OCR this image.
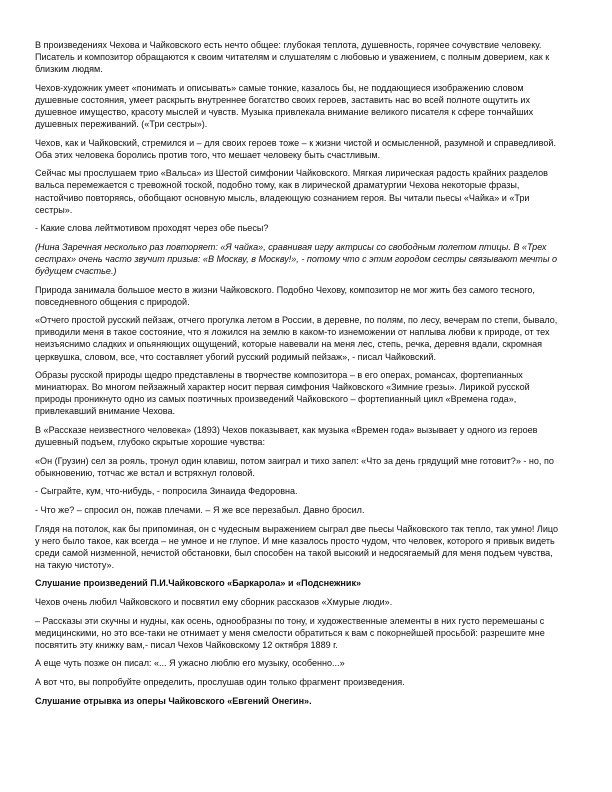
В произведениях Чехова и Чайковского есть нечто общее: глубокая теплота, душевность, горячее сочувствие человеку. Писатель и композитор обращаются к своим читателям и слушателям с любовью и уважением, с полным доверием, как к близким людям.

Чехов-художник умеет «понимать и описывать» самые тонкие, казалось бы, не поддающиеся изображению словом душевные состояния, умеет раскрыть внутреннее богатство своих героев, заставить нас во всей полноте ощутить их душевное имущество, красоту мыслей и чувств. Музыка привлекала внимание великого писателя к сфере тончайших душевных переживаний. («Три сестры»).

Чехов, как и Чайковский, стремился и – для своих героев тоже – к жизни чистой и осмысленной, разумной и справедливой. Оба этих человека боролись против того, что мешает человеку быть счастливым.

Сейчас мы прослушаем трио «Вальса» из Шестой симфонии Чайковского. Мягкая лирическая радость крайних разделов вальса перемежается с тревожной тоской, подобно тому, как в лирической драматургии Чехова некоторые фразы, настойчиво повторяясь, обобщают основную мысль, владеющую сознанием героя. Вы читали пьесы «Чайка» и «Три сестры».

- Какие слова лейтмотивом проходят через обе пьесы?

(Нина Заречная несколько раз повторяет: «Я чайка», сравнивая игру актрисы со свободным полетом птицы. В «Трех сестрах» очень часто звучит призыв: «В Москву, в Москву!», - потому что с этим городом сестры связывают мечты о будущем счастье.)

Природа занимала большое место в жизни Чайковского. Подобно Чехову, композитор не мог жить без самого тесного, повседневного общения с природой.

«Отчего простой русский пейзаж, отчего прогулка летом в России, в деревне, по полям, по лесу, вечерам по степи, бывало, приводили меня в такое состояние, что я ложился на землю в каком-то изнеможении от наплыва любви к природе, от тех неизъяснимо сладких и опьяняющих ощущений, которые навевали на меня лес, степь, речка, деревня вдали, скромная церквушка, словом, все, что составляет убогий русский родимый пейзаж», - писал Чайковский.

Образы русской природы щедро представлены в творчестве композитора – в его операх, романсах, фортепианных миниатюрах. Во многом пейзажный характер носит первая симфония Чайковского «Зимние грезы». Лирикой русской природы проникнуто одно из самых поэтичных произведений Чайковского – фортепианный цикл «Времена года», привлекавший внимание Чехова.

В «Рассказе неизвестного человека» (1893) Чехов показывает, как музыка «Времен года» вызывает у одного из героев душевный подъем, глубоко скрытые хорошие чувства:

«Он (Грузин) сел за рояль, тронул один клавиш, потом заиграл и тихо запел: «Что за день грядущий мне готовит?» - но, по обыкновению, тотчас же встал и встряхнул головой.

- Сыграйте, кум, что-нибудь, - попросила Зинаида Федоровна.

- Что же? – спросил он, пожав плечами. – Я же все перезабыл. Давно бросил.

Глядя на потолок, как бы припоминая, он с чудесным выражением сыграл две пьесы Чайковского так тепло, так умно! Лицо у него было такое, как всегда – не умное и не глупое. И мне казалось просто чудом, что человек, которого я привык видеть среди самой низменной, нечистой обстановки, был способен на такой высокий и недосягаемый для меня подъем чувства, на такую чистоту».

Слушание произведений П.И.Чайковского «Баркарола» и «Подснежник»

Чехов очень любил Чайковского и посвятил ему сборник рассказов «Хмурые люди».

– Рассказы эти скучны и нудны, как осень, однообразны по тону, и художественные элементы в них густо перемешаны с медицинскими, но это все-таки не отнимает у меня смелости обратиться к вам с покорнейшей просьбой: разрешите мне посвятить эту книжку вам,- писал Чехов Чайковскому 12 октября 1889 г.

А еще чуть позже он писал: «... Я ужасно люблю его музыку, особенно...»

А вот что, вы попробуйте определить, прослушав один только фрагмент произведения.

Слушание отрывка из оперы Чайковского «Евгений Онегин».
